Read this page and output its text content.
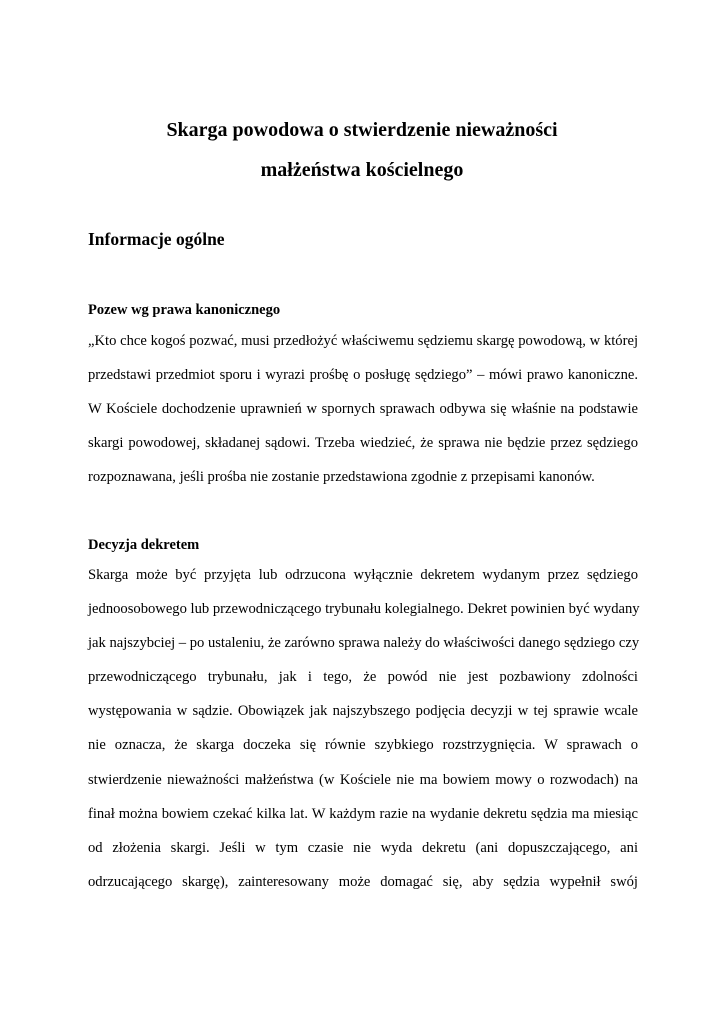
Skarga powodowa o stwierdzenie nieważności
małżeństwa kościelnego
Informacje ogólne
Pozew wg prawa kanonicznego
„Kto chce kogoś pozwać, musi przedłożyć właściwemu sędziemu skargę powodową, w której
przedstawi przedmiot sporu i wyrazi prośbę o posługę sędziego” – mówi prawo kanoniczne.
W Kościele dochodzenie uprawnień w spornych sprawach odbywa się właśnie na podstawie
skargi powodowej, składanej sądowi. Trzeba wiedzieć, że sprawa nie będzie przez sędziego
rozpoznawana, jeśli prośba nie zostanie przedstawiona zgodnie z przepisami kanonów.
Decyzja dekretem
Skarga może być przyjęta lub odrzucona wyłącznie dekretem wydanym przez sędziego
jednoosobowego lub przewodniczącego trybunału kolegialnego. Dekret powinien być wydany
jak najszybciej – po ustaleniu, że zarówno sprawa należy do właściwości danego sędziego czy
przewodniczącego trybunału, jak i tego, że powód nie jest pozbawiony zdolności
występowania w sądzie. Obowiązek jak najszybszego podjęcia decyzji w tej sprawie wcale
nie oznacza, że skarga doczeka się równie szybkiego rozstrzygnięcia. W sprawach o
stwierdzenie nieważności małżeństwa (w Kościele nie ma bowiem mowy o rozwodach) na
finał można bowiem czekać kilka lat. W każdym razie na wydanie dekretu sędzia ma miesiąc
od złożenia skargi. Jeśli w tym czasie nie wyda dekretu (ani dopuszczającego, ani
odrzucającego skargę), zainteresowany może domagać się, aby sędzia wypełnił swój
